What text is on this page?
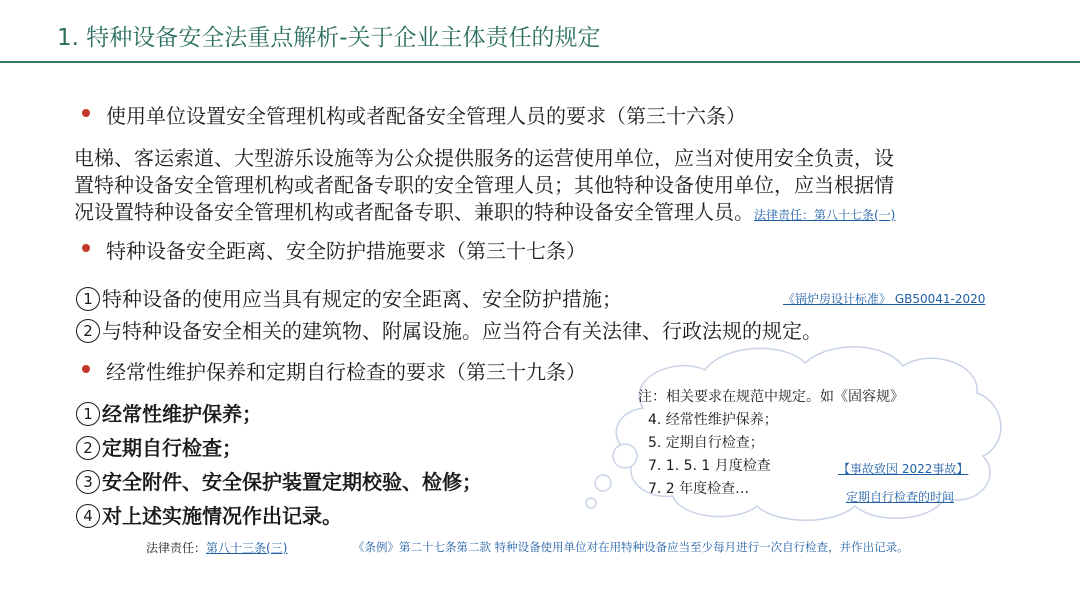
1. 特种设备安全法重点解析-关于企业主体责任的规定
使用单位设置安全管理机构或者配备安全管理人员的要求（第三十六条）
电梯、客运索道、大型游乐设施等为公众提供服务的运营使用单位，应当对使用安全负责，设
置特种设备安全管理机构或者配备专职的安全管理人员；其他特种设备使用单位，应当根据情
况设置特种设备安全管理机构或者配备专职、兼职的特种设备安全管理人员。法律责任：第八十七条(一)
特种设备安全距离、安全防护措施要求（第三十七条）
1 特种设备的使用应当具有规定的安全距离、安全防护措施；	《锅炉房设计标准》 GB50041-2020
2 与特种设备安全相关的建筑物、附属设施。应当符合有关法律、行政法规的规定。
经常性维护保养和定期自行检查的要求（第三十九条）
1 经常性维护保养；
2 定期自行检查；
3 安全附件、安全保护装置定期校验、检修；
4 对上述实施情况作出记录。
注：相关要求在规范中规定。如《固容规》
4. 经常性维护保养；
5. 定期自行检查；
7. 1. 5. 1 月度检查
7. 2 年度检查…
【事故致因 2022事故】
定期自行检查的时间
法律责任：第八十三条(三)	《条例》第二十七条第二款 特种设备使用单位对在用特种设备应当至少每月进行一次自行检查，并作出记录。
